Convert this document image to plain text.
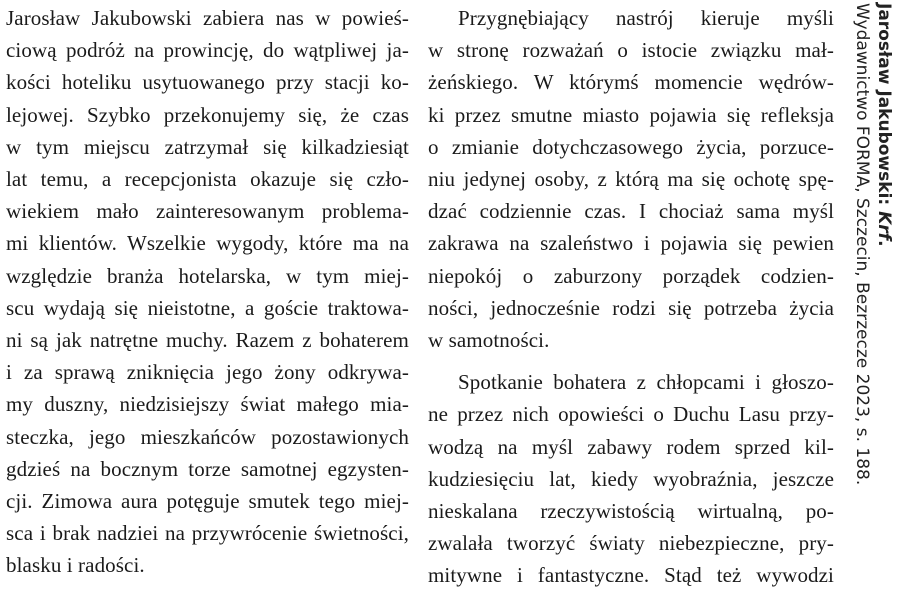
Jarosław Jakubowski zabiera nas w powieś-
ciową podróż na prowincję, do wątpliwej ja-
kości hoteliku usytuowanego przy stacji ko-
lejowej. Szybko przekonujemy się, że czas
w tym miejscu zatrzymał się kilkadziesiąt
lat temu, a recepcjonista okazuje się czło-
wiekiem mało zainteresowanym problema-
mi klientów. Wszelkie wygody, które ma na
względzie branża hotelarska, w tym miej-
scu wydają się nieistotne, a goście traktowa-
ni są jak natrętne muchy. Razem z bohaterem
i za sprawą zniknięcia jego żony odkrywa-
my duszny, niedzisiejszy świat małego mia-
steczka, jego mieszkańców pozostawionych
gdzieś na bocznym torze samotnej egzysten-
cji. Zimowa aura potęguje smutek tego miej-
sca i brak nadziei na przywrócenie świetności,
blasku i radości.
Przygnębiający nastrój kieruje myśli
w stronę rozważań o istocie związku mał-
żeńskiego. W którymś momencie wędrów-
ki przez smutne miasto pojawia się refleksja
o zmianie dotychczasowego życia, porzuce-
niu jedynej osoby, z którą ma się ochotę spę-
dzać codziennie czas. I chociaż sama myśl
zakrawa na szaleństwo i pojawia się pewien
niepokój o zaburzony porządek codzien-
ności, jednocześnie rodzi się potrzeba życia
w samotności.
Spotkanie bohatera z chłopcami i głoszo-
ne przez nich opowieści o Duchu Lasu przy-
wodzą na myśl zabawy rodem sprzed kil-
kudziesięciu lat, kiedy wyobraźnia, jeszcze
nieskalana rzeczywistością wirtualną, po-
zwalała tworzyć światy niebezpieczne, pry-
mitywne i fantastyczne. Stąd też wywodzi
Jarosław Jakubowski: Krf.
Wydawnictwo FORMA, Szczecin, Bezrzecze 2023, s. 188.
